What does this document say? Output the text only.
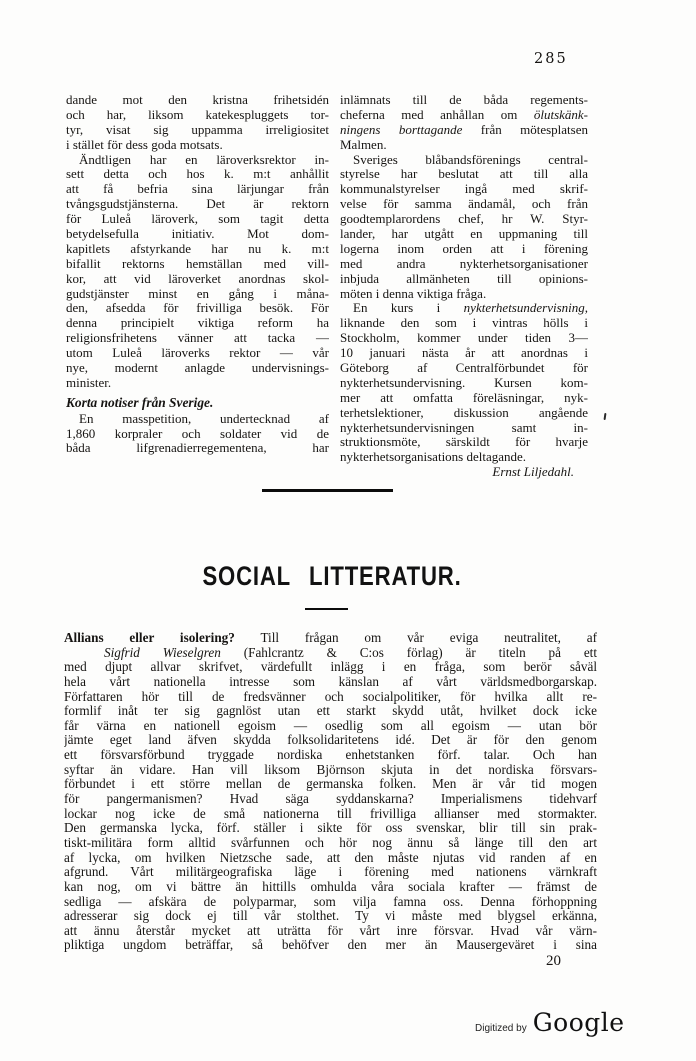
285
dande mot den kristna frihetsidén
och har, liksom katekespluggets tor-
tyr, visat sig uppamma irreligiositet
i stället för dess goda motsats.
Ändtligen har en läroverksrektor in-
sett detta och hos k. m:t anhållit
att få befria sina lärjungar från
tvångsgudstjänsterna. Det är rektorn
för Luleå läroverk, som tagit detta
betydelsefulla initiativ. Mot dom-
kapitlets afstyrkande har nu k. m:t
bifallit rektorns hemställan med vill-
kor, att vid läroverket anordnas skol-
gudstjänster minst en gång i måna-
den, afsedda för frivilliga besök. För
denna principielt viktiga reform ha
religionsfrihetens vänner att tacka —
utom Luleå läroverks rektor — vår
nye, modernt anlagde undervisnings-
minister.
Korta notiser från Sverige.
En masspetition, undertecknad af
1,860 korpraler och soldater vid de
båda lifgrenadierregementena, har
inlämnats till de båda regements-
cheferna med anhållan om ölutskänk-
ningens borttagande från mötesplatsen
Malmen.
Sveriges blåbandsförenings central-
styrelse har beslutat att till alla
kommunalstyrelser ingå med skrif-
velse för samma ändamål, och från
goodtemplarordens chef, hr W. Styr-
lander, har utgått en uppmaning till
logerna inom orden att i förening
med andra nykterhetsorganisationer
inbjuda allmänheten till opinions-
möten i denna viktiga fråga.
En kurs i nykterhetsundervisning,
liknande den som i vintras hölls i
Stockholm, kommer under tiden 3—
10 januari nästa år att anordnas i
Göteborg af Centralförbundet för
nykterhetsundervisning. Kursen kom-
mer att omfatta föreläsningar, nyk-
terhetslektioner, diskussion angående
nykterhetsundervisningen samt in-
struktionsmöte, särskildt för hvarje
nykterhetsorganisations deltagande.
Ernst Liljedahl.
SOCIAL LITTERATUR.
Allians eller isolering? Till frågan om vår eviga neutralitet, af
Sigfrid Wieselgren (Fahlcrantz & C:os förlag) är titeln på ett
med djupt allvar skrifvet, värdefullt inlägg i en fråga, som berör såväl
hela vårt nationella intresse som känslan af vårt världsmedborgarskap.
Författaren hör till de fredsvänner och socialpolitiker, för hvilka allt re-
formlif inåt ter sig gagnlöst utan ett starkt skydd utåt, hvilket dock icke
får värna en nationell egoism — osedlig som all egoism — utan bör
jämte eget land äfven skydda folksolidaritetens idé. Det är för den genom
ett försvarsförbund tryggade nordiska enhetstanken förf. talar. Och han
syftar än vidare. Han vill liksom Björnson skjuta in det nordiska försvars-
förbundet i ett större mellan de germanska folken. Men är vår tid mogen
för pangermanismen? Hvad säga syddanskarna? Imperialismens tidehvarf
lockar nog icke de små nationerna till frivilliga allianser med stormakter.
Den germanska lycka, förf. ställer i sikte för oss svenskar, blir till sin prak-
tiskt-militära form alltid svårfunnen och hör nog ännu så länge till den art
af lycka, om hvilken Nietzsche sade, att den måste njutas vid randen af en
afgrund. Vårt militärgeografiska läge i förening med nationens värnkraft
kan nog, om vi bättre än hittills omhulda våra sociala krafter — främst de
sedliga — afskära de polyparmar, som vilja famna oss. Denna förhoppning
adresserar sig dock ej till vår stolthet. Ty vi måste med blygsel erkänna,
att ännu återstår mycket att uträtta för vårt inre försvar. Hvad vår värn-
pliktiga ungdom beträffar, så behöfver den mer än Mausergeväret i sina
20
Digitized by Google
